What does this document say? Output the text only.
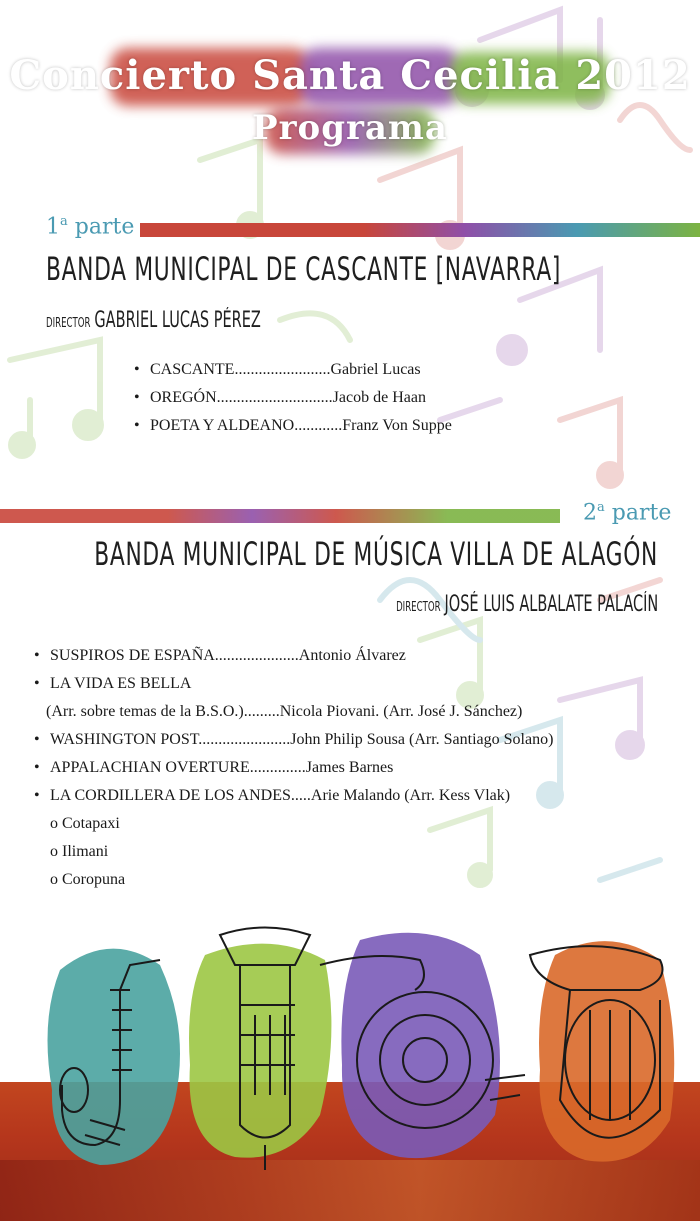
Concierto Santa Cecilia 2012
Programa
1$^a$ parte
BANDA MUNICIPAL DE CASCANTE [NAVARRA]
DIRECTOR GABRIEL LUCAS PÉREZ
• CASCANTE........................Gabriel Lucas
• OREGÓN.............................Jacob de Haan
• POETA Y ALDEANO............Franz Von Suppe
2$^a$ parte
BANDA MUNICIPAL DE MÚSICA VILLA DE ALAGÓN
DIRECTOR JOSÉ LUIS ALBALATE PALACÍN
• SUSPIROS DE ESPAÑA.....................Antonio Álvarez
• LA VIDA ES BELLA
(Arr. sobre temas de la B.S.O.).........Nicola Piovani. (Arr. José J. Sánchez)
• WASHINGTON POST.......................John Philip Sousa (Arr. Santiago Solano)
• APPALACHIAN OVERTURE..............James Barnes
• LA CORDILLERA DE LOS ANDES.....Arie Malando (Arr. Kess Vlak)
o Cotapaxi
o Ilimani
o Coropuna
